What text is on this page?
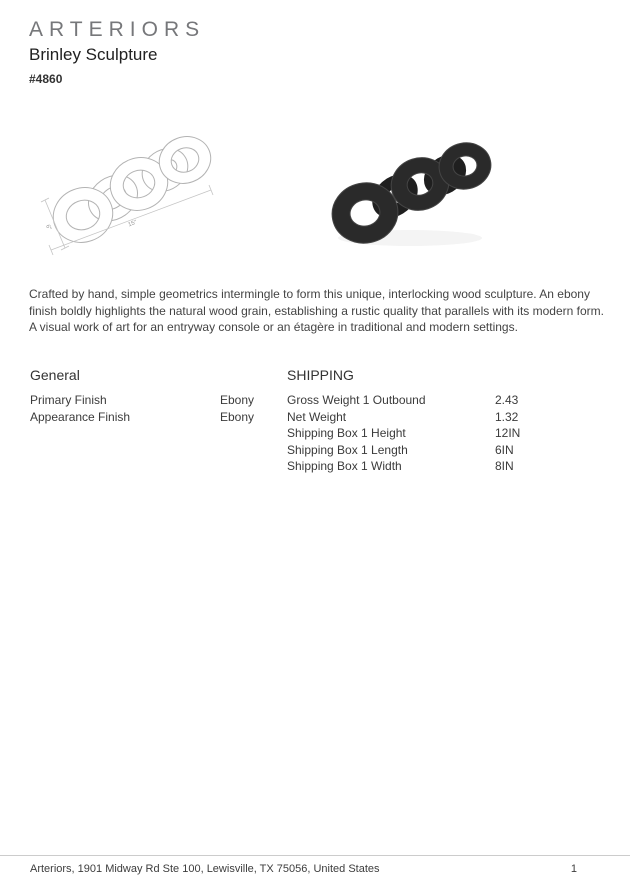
ARTERIORS
Brinley Sculpture
#4860
15"
6"
Crafted by hand, simple geometrics intermingle to form this unique, interlocking wood sculpture. An ebony finish boldly highlights the natural wood grain, establishing a rustic quality that parallels with its modern form. A visual work of art for an entryway console or an étagère in traditional and modern settings.
General
Primary Finish	Ebony
Appearance Finish	Ebony
SHIPPING
Gross Weight 1 Outbound	2.43
Net Weight	1.32
Shipping Box 1 Height	12IN
Shipping Box 1 Length	6IN
Shipping Box 1 Width	8IN
Arteriors, 1901 Midway Rd Ste 100, Lewisville, TX 75056, United States	1
